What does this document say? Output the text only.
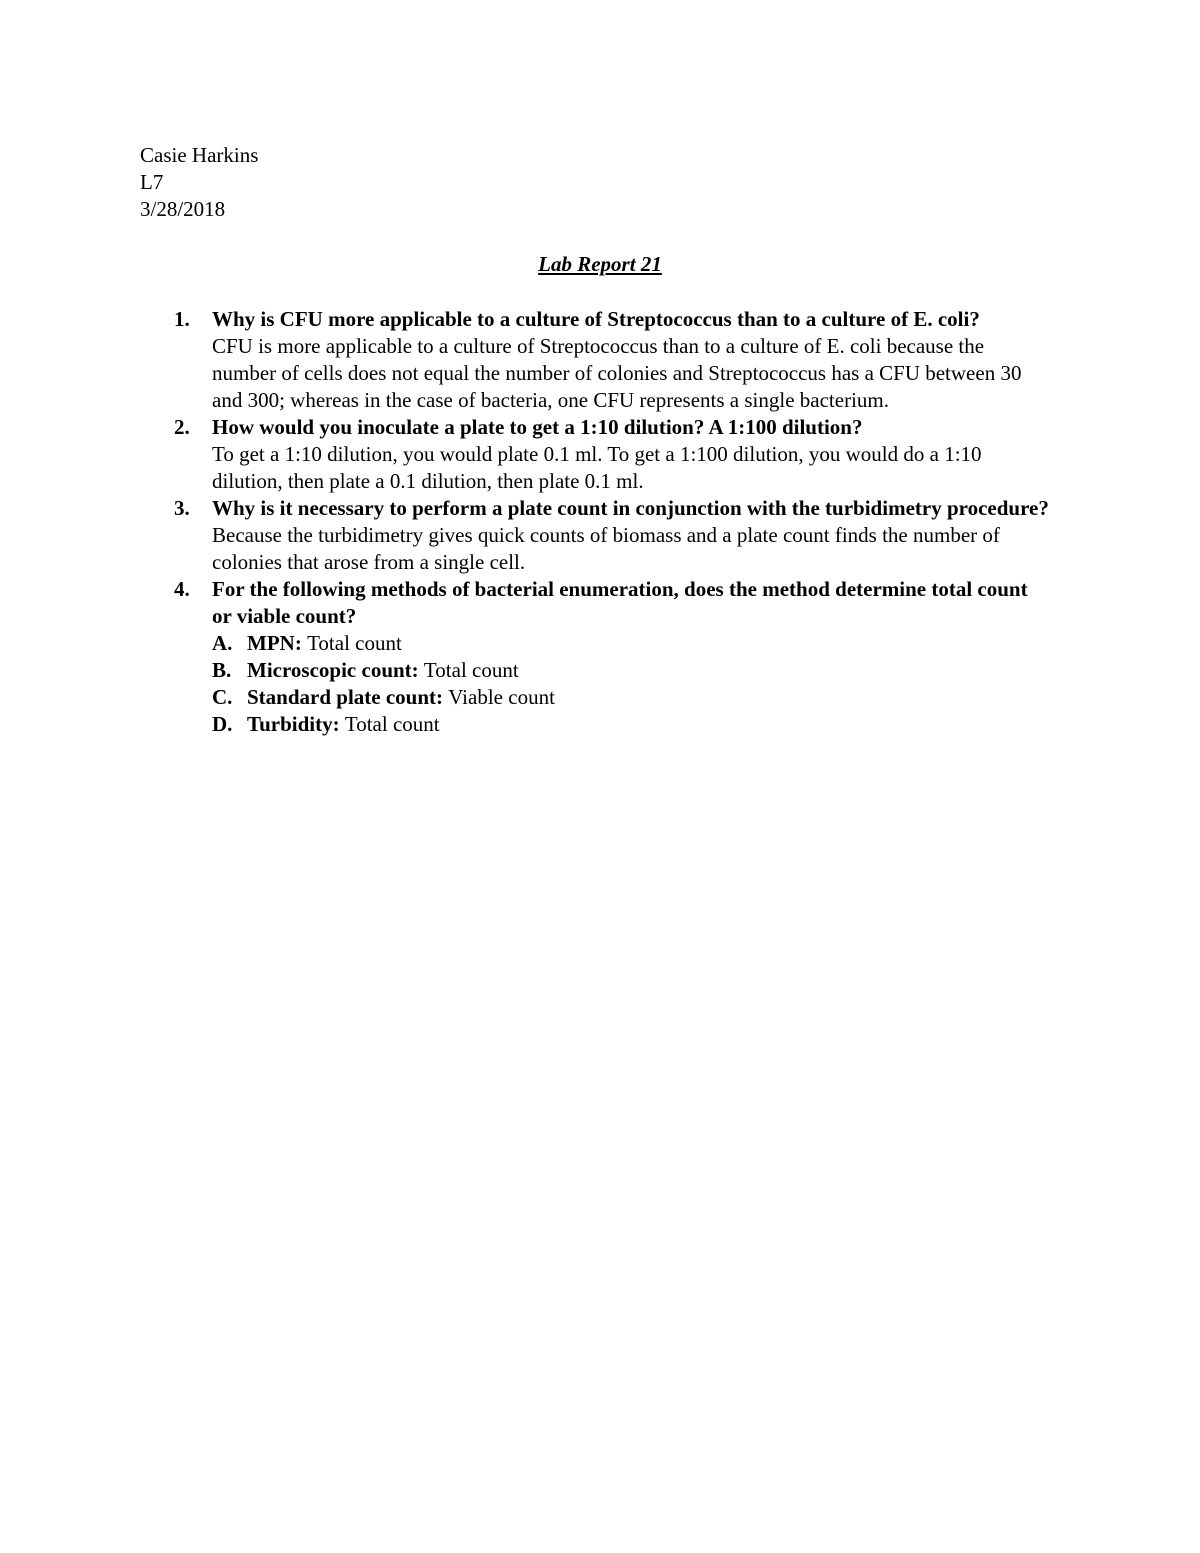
Casie Harkins
L7
3/28/2018
Lab Report 21
1. Why is CFU more applicable to a culture of Streptococcus than to a culture of E. coli?
CFU is more applicable to a culture of Streptococcus than to a culture of E. coli because the number of cells does not equal the number of colonies and Streptococcus has a CFU between 30 and 300; whereas in the case of bacteria, one CFU represents a single bacterium.
2. How would you inoculate a plate to get a 1:10 dilution? A 1:100 dilution?
To get a 1:10 dilution, you would plate 0.1 ml. To get a 1:100 dilution, you would do a 1:10 dilution, then plate a 0.1 dilution, then plate 0.1 ml.
3. Why is it necessary to perform a plate count in conjunction with the turbidimetry procedure?
Because the turbidimetry gives quick counts of biomass and a plate count finds the number of colonies that arose from a single cell.
4. For the following methods of bacterial enumeration, does the method determine total count or viable count?
A. MPN: Total count
B. Microscopic count: Total count
C. Standard plate count: Viable count
D. Turbidity: Total count
